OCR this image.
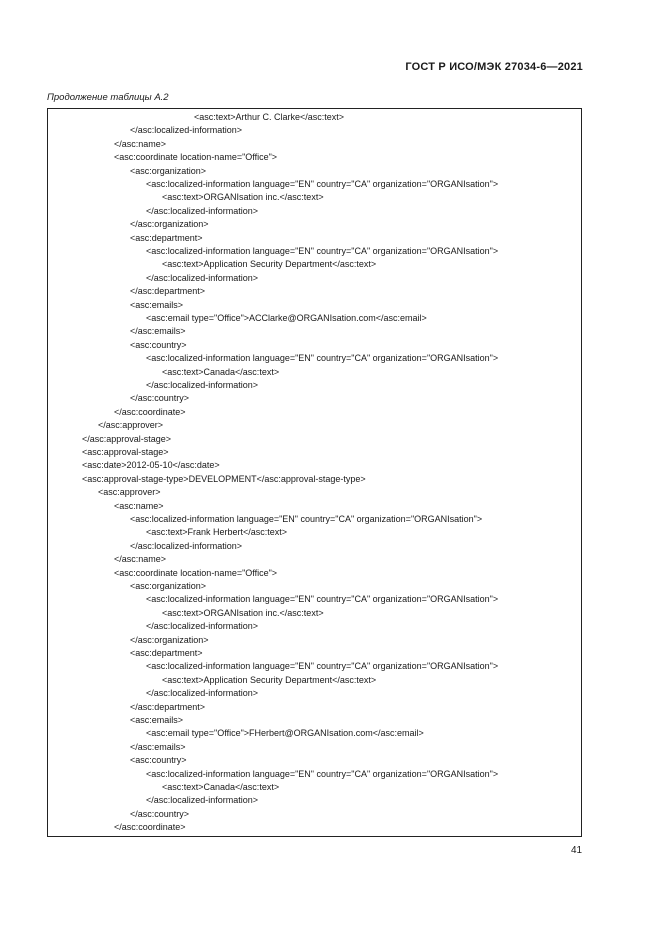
ГОСТ Р ИСО/МЭК 27034-6—2021
Продолжение таблицы А.2
<asc:text>Arthur C. Clarke</asc:text>
</asc:localized-information>
</asc:name>
<asc:coordinate location-name="Office">
<asc:organization>
<asc:localized-information language="EN" country="CA" organization="ORGANIsation">
<asc:text>ORGANIsation inc.</asc:text>
</asc:localized-information>
</asc:organization>
<asc:department>
<asc:localized-information language="EN" country="CA" organization="ORGANIsation">
<asc:text>Application Security Department</asc:text>
</asc:localized-information>
</asc:department>
<asc:emails>
<asc:email type="Office">ACClarke@ORGANIsation.com</asc:email>
</asc:emails>
<asc:country>
<asc:localized-information language="EN" country="CA" organization="ORGANIsation">
<asc:text>Canada</asc:text>
</asc:localized-information>
</asc:country>
</asc:coordinate>
</asc:approver>
</asc:approval-stage>
<asc:approval-stage>
<asc:date>2012-05-10</asc:date>
<asc:approval-stage-type>DEVELOPMENT</asc:approval-stage-type>
<asc:approver>
<asc:name>
<asc:localized-information language="EN" country="CA" organization="ORGANIsation">
<asc:text>Frank Herbert</asc:text>
</asc:localized-information>
</asc:name>
<asc:coordinate location-name="Office">
<asc:organization>
<asc:localized-information language="EN" country="CA" organization="ORGANIsation">
<asc:text>ORGANIsation inc.</asc:text>
</asc:localized-information>
</asc:organization>
<asc:department>
<asc:localized-information language="EN" country="CA" organization="ORGANIsation">
<asc:text>Application Security Department</asc:text>
</asc:localized-information>
</asc:department>
<asc:emails>
<asc:email type="Office">FHerbert@ORGANIsation.com</asc:email>
</asc:emails>
<asc:country>
<asc:localized-information language="EN" country="CA" organization="ORGANIsation">
<asc:text>Canada</asc:text>
</asc:localized-information>
</asc:country>
</asc:coordinate>
41
